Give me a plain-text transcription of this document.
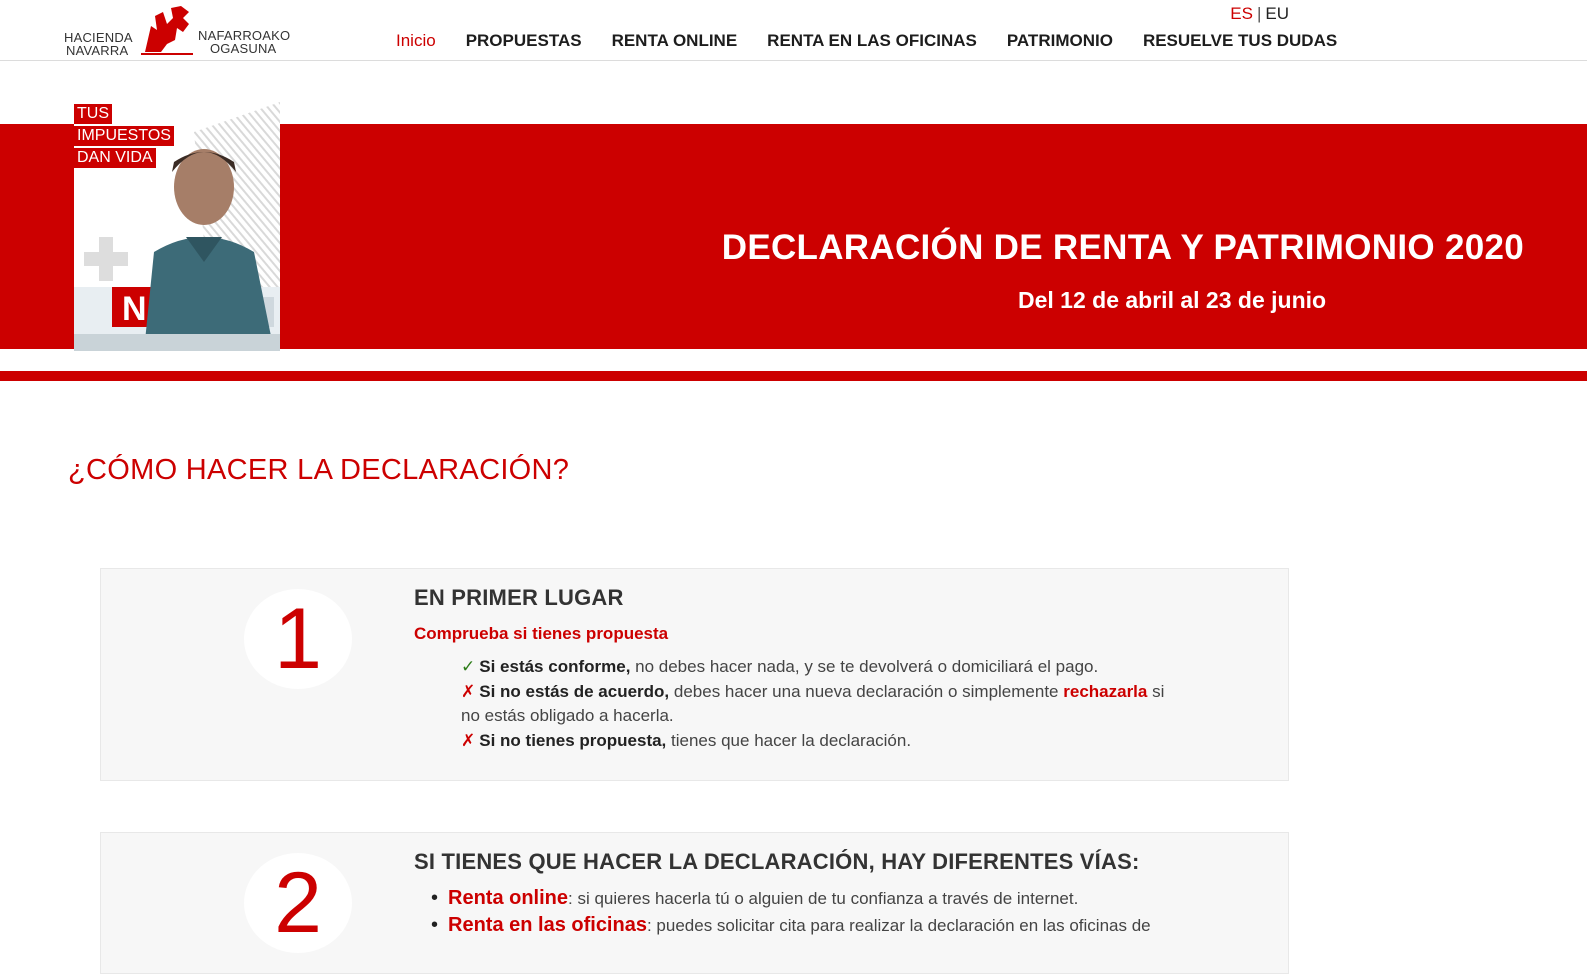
HACIENDA
NAVARRA
NAFARROAKO
OGASUNA
ES | EU
Inicio PROPUESTAS RENTA ONLINE RENTA EN LAS OFICINAS PATRIMONIO RESUELVE TUS DUDAS
DECLARACIÓN DE RENTA Y PATRIMONIO 2020
Del 12 de abril al 23 de junio
N
TUS
IMPUESTOS
DAN VIDA
¿CÓMO HACER LA DECLARACIÓN?
1	EN PRIMER LUGAR
Comprueba si tienes propuesta
✓ Si estás conforme, no debes hacer nada, y se te devolverá o domiciliará el pago.
✗ Si no estás de acuerdo, debes hacer una nueva declaración o simplemente rechazarla si no estás obligado a hacerla.
✗ Si no tienes propuesta, tienes que hacer la declaración.
2	SI TIENES QUE HACER LA DECLARACIÓN, HAY DIFERENTES VÍAS:
• Renta online: si quieres hacerla tú o alguien de tu confianza a través de internet.
• Renta en las oficinas: puedes solicitar cita para realizar la declaración en las oficinas de
